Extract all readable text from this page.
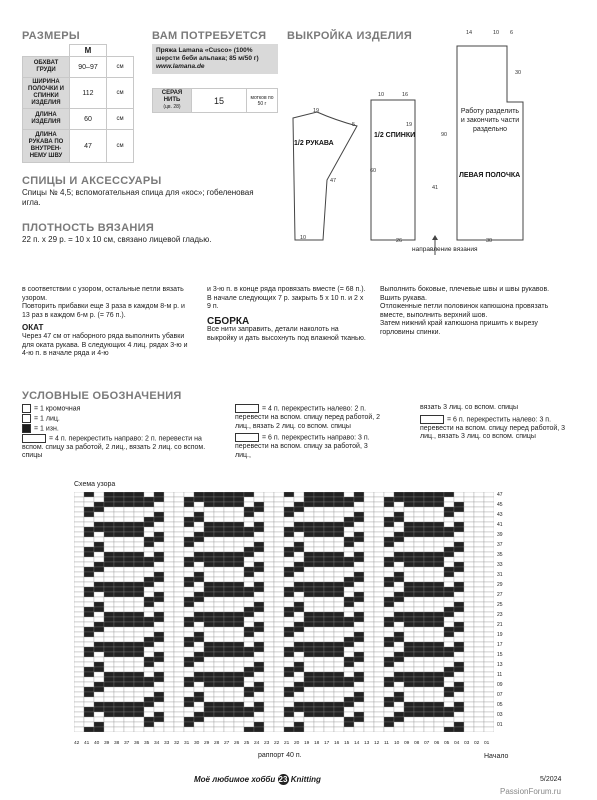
РАЗМЕРЫ
	M	
ОБХВАТ ГРУДИ	90–97	см
ШИРИНА ПОЛОЧКИ И СПИНКИ ИЗДЕЛИЯ	112	см
ДЛИНА ИЗДЕЛИЯ	60	см
ДЛИНА РУКАВА ПО ВНУТРЕН-НЕМУ ШВУ	47	см
ВАМ ПОТРЕБУЕТСЯ
Пряжа Lamana «Cusco» (100% шерсти беби альпака; 85 м/50 г)
www.lamana.de
СЕРАЯ НИТЬ
(цв. 28)
	15	мотков по 50 г
ВЫКРОЙКА ИЗДЕЛИЯ	14	10 6
30
10	16
19
5	19
90
60
47
41
10	26	30
1/2 РУКАВА
1/2 СПИНКИ
ЛЕВАЯ ПОЛОЧКА
Работу разделить и закончить части раздельно
направление вязания
СПИЦЫ И АКСЕССУАРЫ
Спицы № 4,5; вспомогательная спица для «кос»; гобеленовая игла.
ПЛОТНОСТЬ ВЯЗАНИЯ
22 п. х 29 р. = 10 х 10 см, связано лицевой гладью.
в соответствии с узором, остальные петли вязать узором.
Повторить прибавки еще 3 раза в каждом 8-м р. и 13 раз в каждом 6-м р. (= 76 п.).
ОКАТ
Через 47 см от наборного ряда выполнить убавки для оката рукава. В следующих 4 лиц. рядах 3-ю и 4-ю п. в начале ряда и 4-ю
и 3-ю п. в конце ряда провязать вместе (= 68 п.).
В начале следующих 7 р. закрыть 5 х 10 п. и 2 х 9 п.
СБОРКА
Все нити заправить, детали наколоть на выкройку и дать высохнуть под влажной тканью.
Выполнить боковые, плечевые швы и швы рукавов.
Вшить рукава.
Отложенные петли половинок капюшона провязать вместе, выполнить верхний шов.
Затем нижний край капюшона пришить к вырезу горловины спинки.
УСЛОВНЫЕ ОБОЗНАЧЕНИЯ
= 1 кромочная
= 1 лиц.
= 1 изн.
= 4 п. перекрестить направо: 2 п. перевести на вспом. спицу за работой, 2 лиц., вязать 2 лиц. со вспом. спицы
= 4 п. перекрестить налево: 2 п. перевести на вспом. спицу перед работой, 2 лиц., вязать 2 лиц. со вспом. спицы
= 6 п. перекрестить направо: 3 п. перевести на вспом. спицу за работой, 3 лиц.,
вязать 3 лиц. со вспом. спицы
= 6 п. перекрестить налево: 3 п. перевести на вспом. спицу перед работой, 3 лиц., вязать 3 лиц. со вспом. спицы
Схема узора
47
45
43
41
39
37
35
33
31
29
27
25
23
21
19
17
15
13
11
09
07
05
03
01
42 41 40 39 38 37 36 35 34 33 32 31 30 29 28 27 26 25 24 23 22 21 20 19 18 17 16 15 14 13 12 11 10 09 08 07 06 05 04 03 02 01
раппорт 40 п.	Начало
Моё любимое хобби 23 Knitting	5/2024
PassionForum.ru
